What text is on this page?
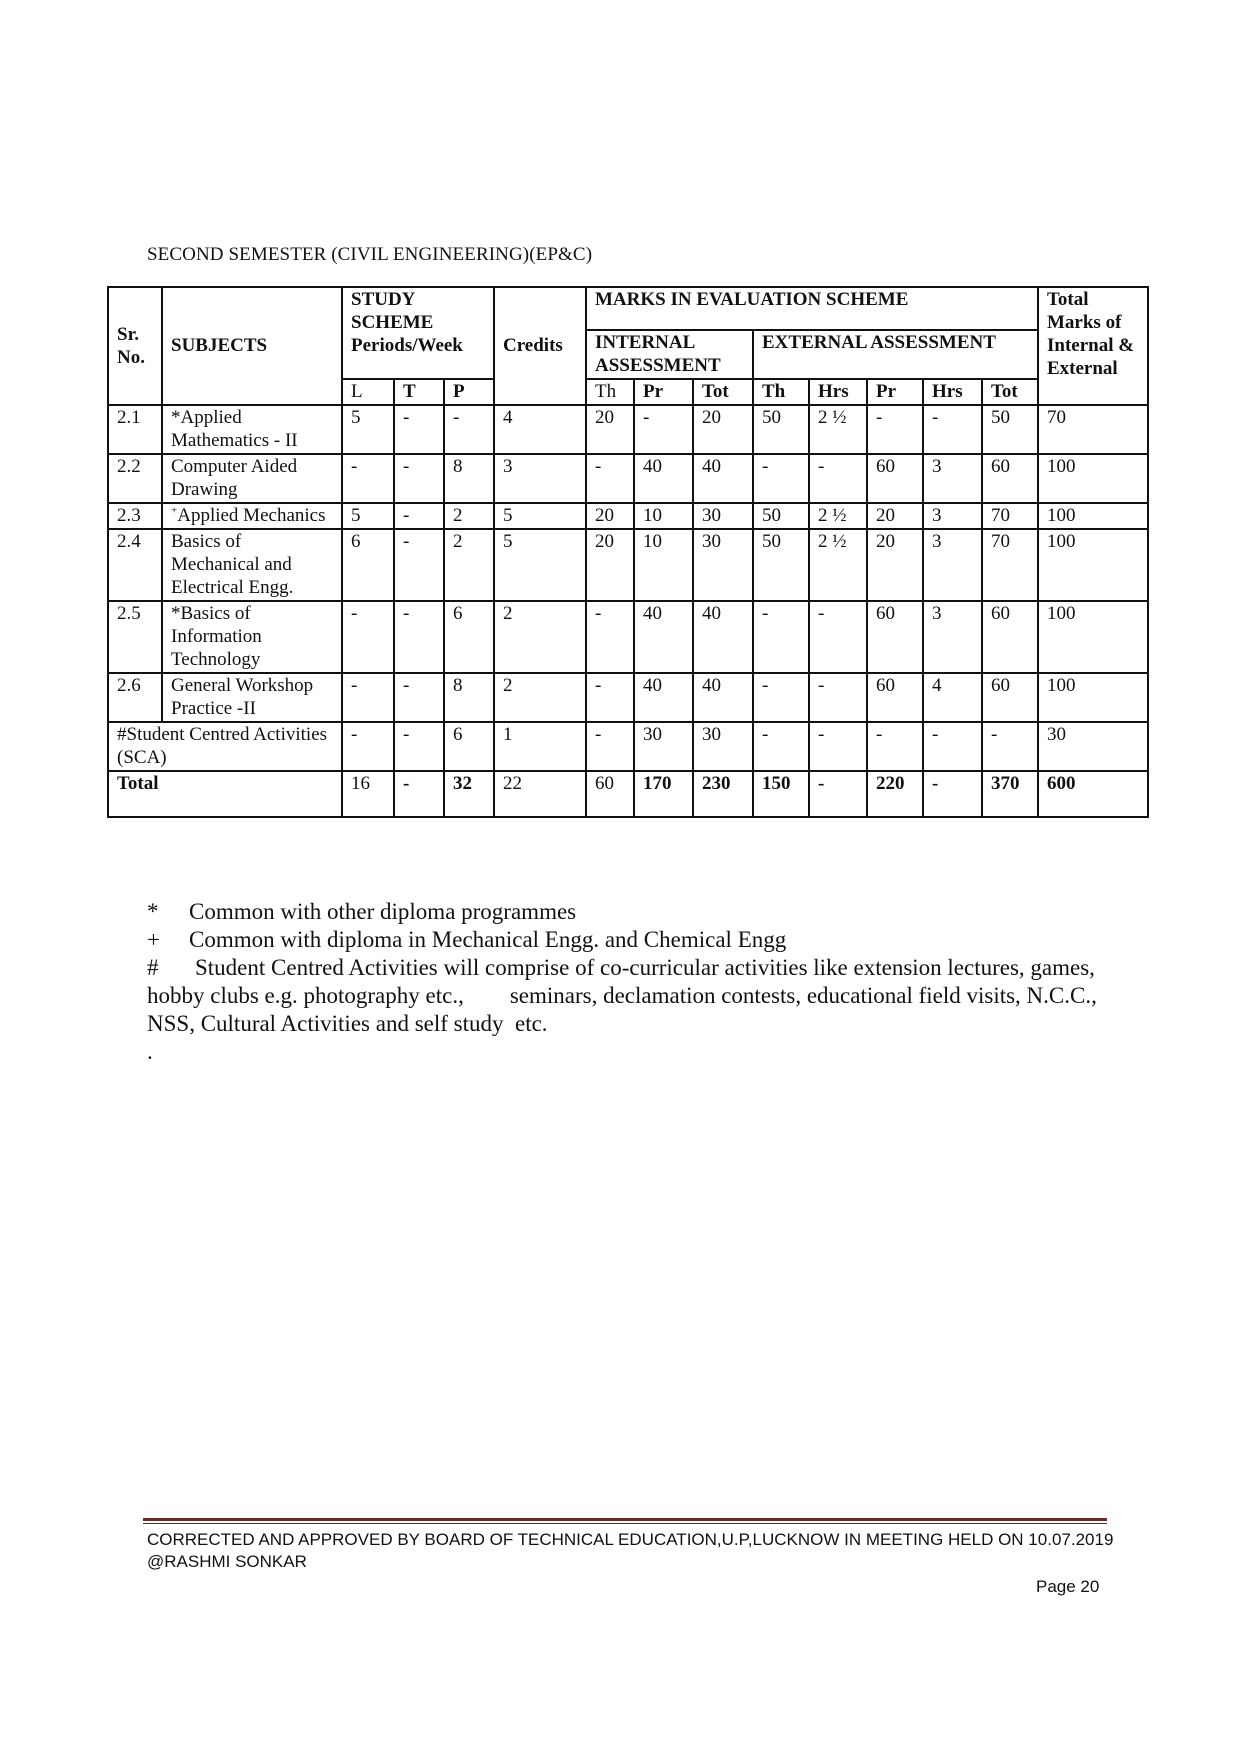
SECOND SEMESTER (CIVIL ENGINEERING)(EP&C)
Sr. No.	SUBJECTS	STUDY SCHEME Periods/Week			Credits	MARKS IN EVALUATION SCHEME								Total Marks of Internal & External
						INTERNAL ASSESSMENT			EXTERNAL ASSESSMENT					
		L	T	P		Th	Pr	Tot	Th	Hrs	Pr	Hrs	Tot	
2.1	*Applied Mathematics - II	5	-	-	4	20	-	20	50	2 ½	-	-	50	70
2.2	Computer Aided Drawing	-	-	8	3	-	40	40	-	-	60	3	60	100
2.3	+Applied Mechanics	5	-	2	5	20	10	30	50	2 ½	20	3	70	100
2.4	Basics of Mechanical and Electrical Engg.	6	-	2	5	20	10	30	50	2 ½	20	3	70	100
2.5	*Basics of Information Technology	-	-	6	2	-	40	40	-	-	60	3	60	100
2.6	General Workshop Practice -II	-	-	8	2	-	40	40	-	-	60	4	60	100
#Student Centred Activities (SCA)		-	-	6	1	-	30	30	-	-	-	-	-	30
Total		16	-	32	22	60	170	230	150	-	220	-	370	600
*	Common with other diploma programmes
+	Common with diploma in Mechanical Engg. and Chemical Engg
# Student Centred Activities will comprise of co-curricular activities like extension lectures, games, hobby clubs e.g. photography etc.,        seminars, declamation contests, educational field visits, N.C.C., NSS, Cultural Activities and self study  etc.
.
CORRECTED AND APPROVED BY BOARD OF TECHNICAL EDUCATION,U.P,LUCKNOW IN MEETING HELD ON 10.07.2019 @RASHMI SONKAR
Page 20
